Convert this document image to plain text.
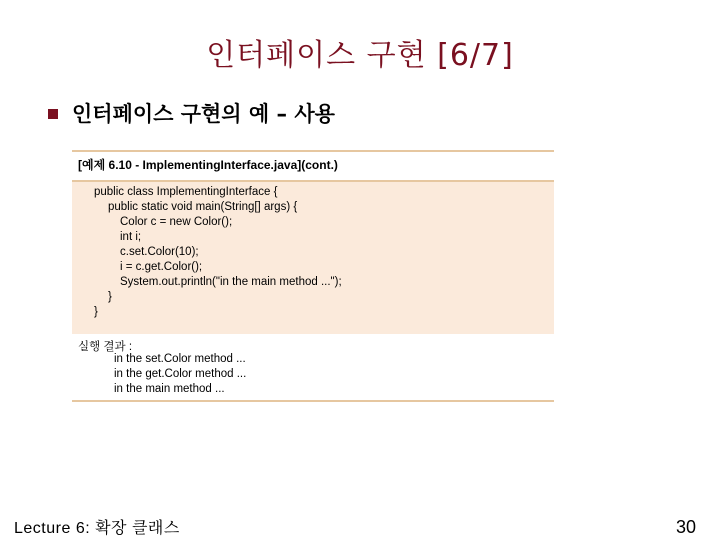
인터페이스 구현 [6/7]
인터페이스 구현의 예 – 사용
[예제 6.10 - ImplementingInterface.java](cont.)
public class ImplementingInterface {
public static void main(String[] args) {
Color c = new Color();
int i;
c.set.Color(10);
i = c.get.Color();
System.out.println("in the main method ...");
}
}
실행 결과 :
in the set.Color method ...
in the get.Color method ...
in the main method ...
Lecture 6: 확장 클래스	30
